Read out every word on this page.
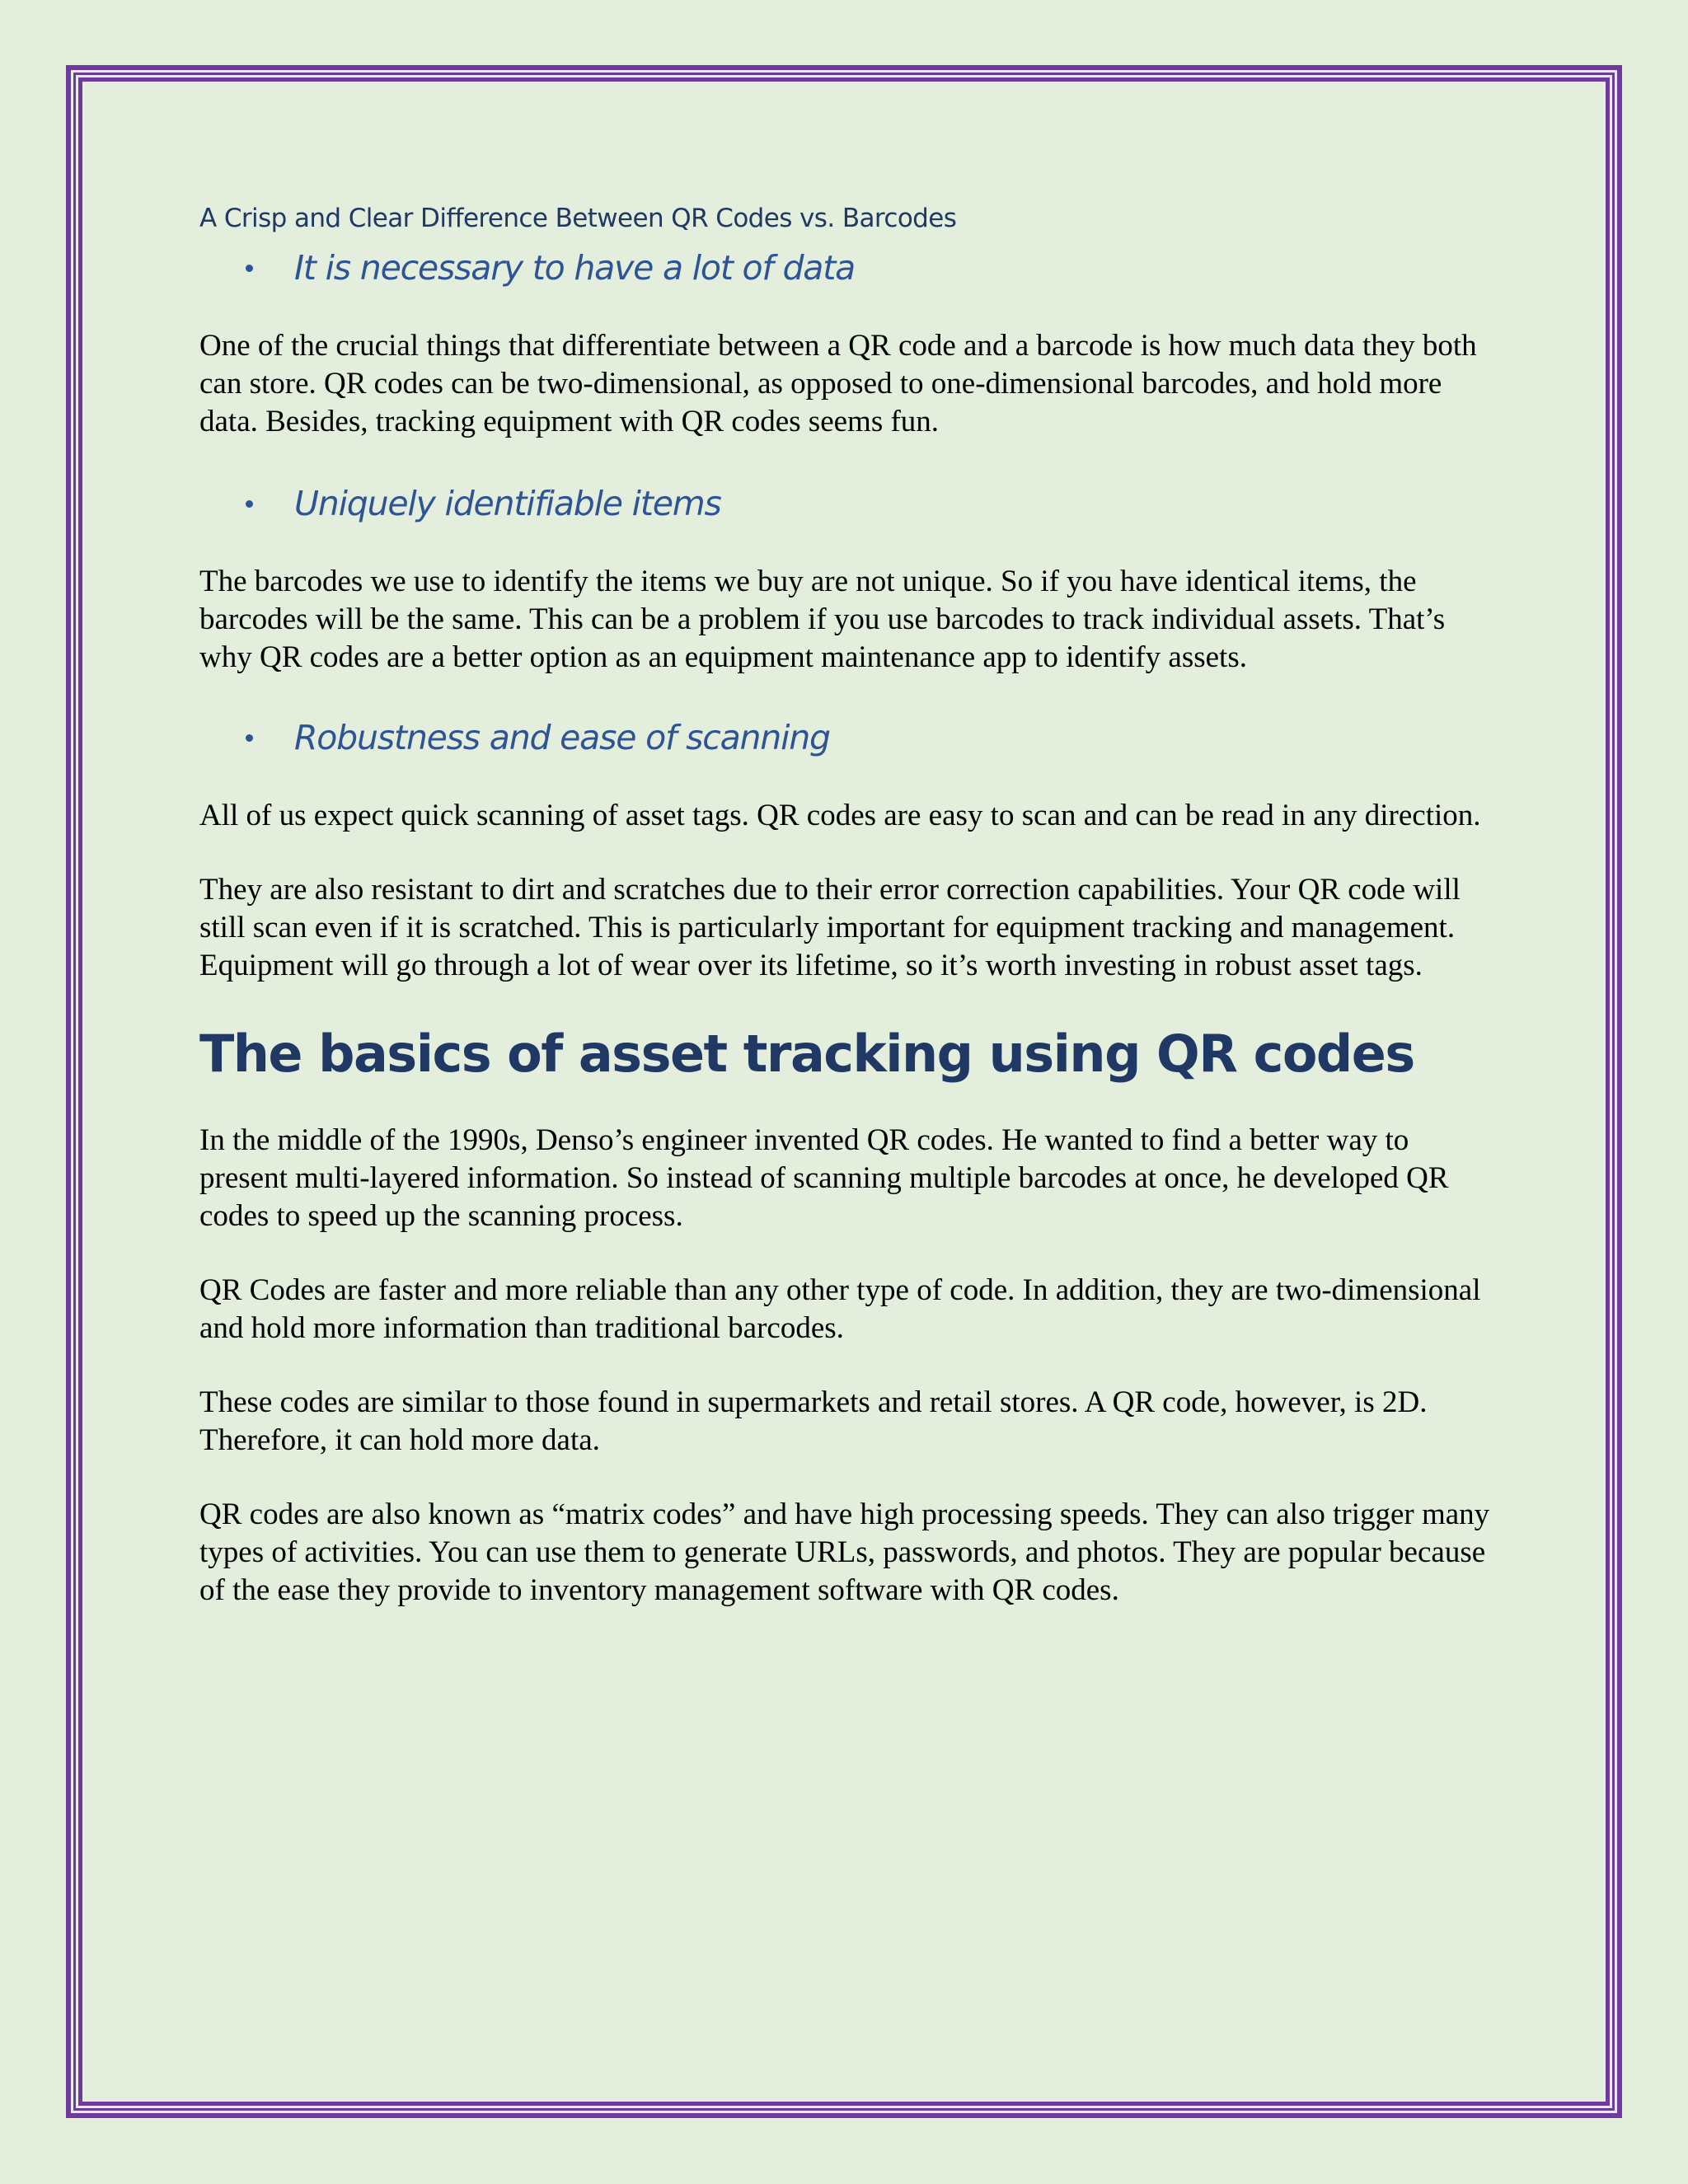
A Crisp and Clear Difference Between QR Codes vs. Barcodes

It is necessary to have a lot of data

One of the crucial things that differentiate between a QR code and a barcode is how much data they both can store. QR codes can be two-dimensional, as opposed to one-dimensional barcodes, and hold more data. Besides, tracking equipment with QR codes seems fun.

Uniquely identifiable items

The barcodes we use to identify the items we buy are not unique. So if you have identical items, the barcodes will be the same. This can be a problem if you use barcodes to track individual assets. That’s why QR codes are a better option as an equipment maintenance app to identify assets.

Robustness and ease of scanning

All of us expect quick scanning of asset tags. QR codes are easy to scan and can be read in any direction.

They are also resistant to dirt and scratches due to their error correction capabilities. Your QR code will still scan even if it is scratched. This is particularly important for equipment tracking and management. Equipment will go through a lot of wear over its lifetime, so it’s worth investing in robust asset tags.

The basics of asset tracking using QR codes

In the middle of the 1990s, Denso’s engineer invented QR codes. He wanted to find a better way to present multi-layered information. So instead of scanning multiple barcodes at once, he developed QR codes to speed up the scanning process.

QR Codes are faster and more reliable than any other type of code. In addition, they are two-dimensional and hold more information than traditional barcodes.

These codes are similar to those found in supermarkets and retail stores. A QR code, however, is 2D. Therefore, it can hold more data.

QR codes are also known as “matrix codes” and have high processing speeds. They can also trigger many types of activities. You can use them to generate URLs, passwords, and photos. They are popular because of the ease they provide to inventory management software with QR codes.
